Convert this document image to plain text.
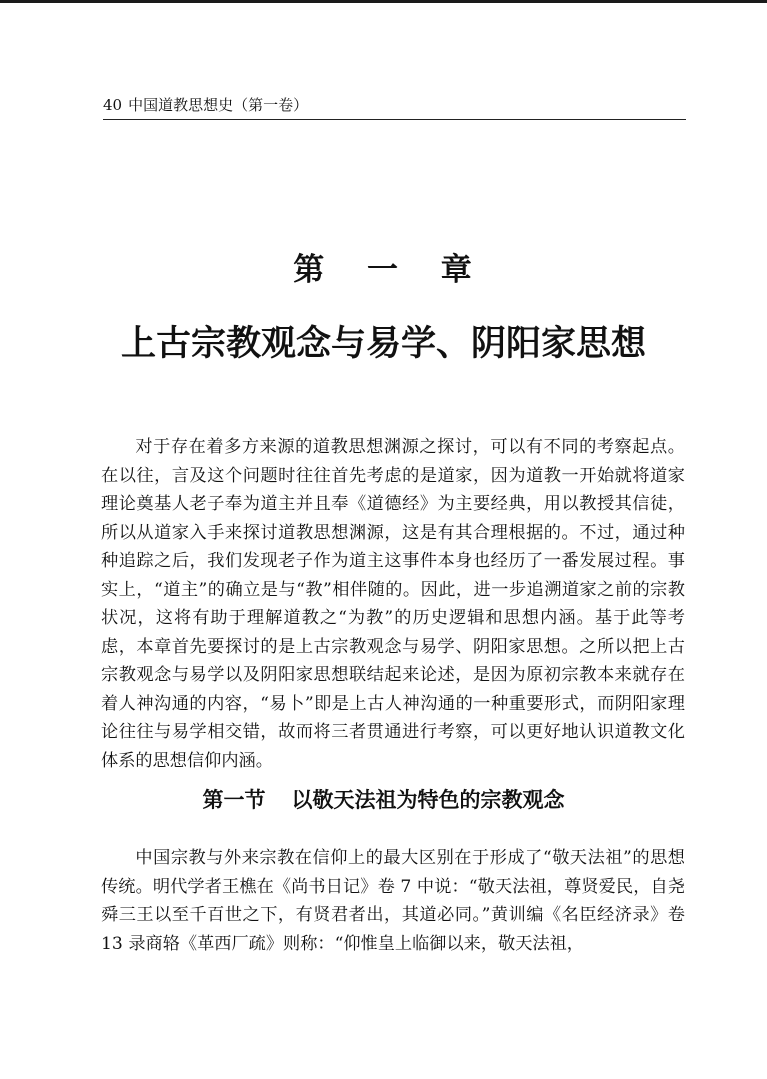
40 中国道教思想史（第一卷）
第 一 章
上古宗教观念与易学、阴阳家思想

对于存在着多方来源的道教思想渊源之探讨，可以有不同的考察起点。在以往，言及这个问题时往往首先考虑的是道家，因为道教一开始就将道家理论奠基人老子奉为道主并且奉《道德经》为主要经典，用以教授其信徒，所以从道家入手来探讨道教思想渊源，这是有其合理根据的。不过，通过种种追踪之后，我们发现老子作为道主这事件本身也经历了一番发展过程。事实上，“道主”的确立是与“教”相伴随的。因此，进一步追溯道家之前的宗教状况，这将有助于理解道教之“为教”的历史逻辑和思想内涵。基于此等考虑，本章首先要探讨的是上古宗教观念与易学、阴阳家思想。之所以把上古宗教观念与易学以及阴阳家思想联结起来论述，是因为原初宗教本来就存在着人神沟通的内容，“易卜”即是上古人神沟通的一种重要形式，而阴阳家理论往往与易学相交错，故而将三者贯通进行考察，可以更好地认识道教文化体系的思想信仰内涵。

第一节 以敬天法祖为特色的宗教观念

中国宗教与外来宗教在信仰上的最大区别在于形成了“敬天法祖”的思想传统。明代学者王樵在《尚书日记》卷 7 中说：“敬天法祖，尊贤爱民，自尧舜三王以至千百世之下，有贤君者出，其道必同。”黄训编《名臣经济录》卷 13 录商辂《革西厂疏》则称：“仰惟皇上临御以来，敬天法祖，
